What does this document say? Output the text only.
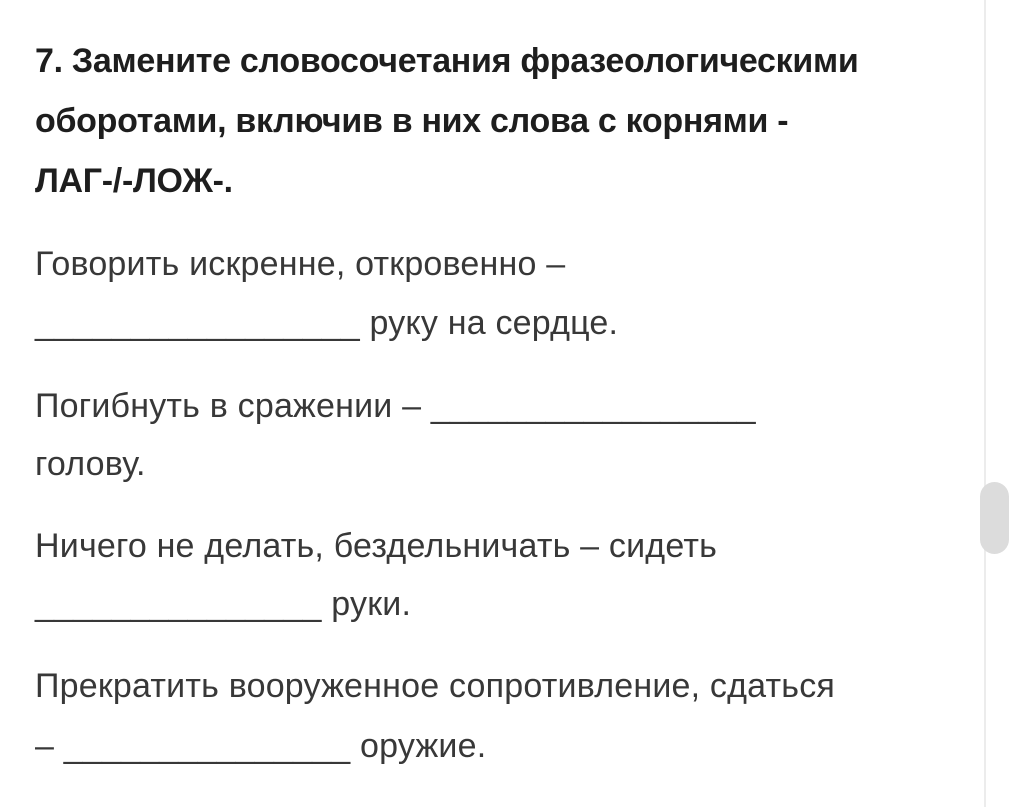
7. Замените словосочетания фразеологическими
оборотами, включив в них слова с корнями -
ЛАГ-/-ЛОЖ-.
Говорить искренне, откровенно –
_________________ руку на сердце.
Погибнуть в сражении – _________________
голову.
Ничего не делать, бездельничать – сидеть
_______________ руки.
Прекратить вооруженное сопротивление, сдаться
– _______________ оружие.
